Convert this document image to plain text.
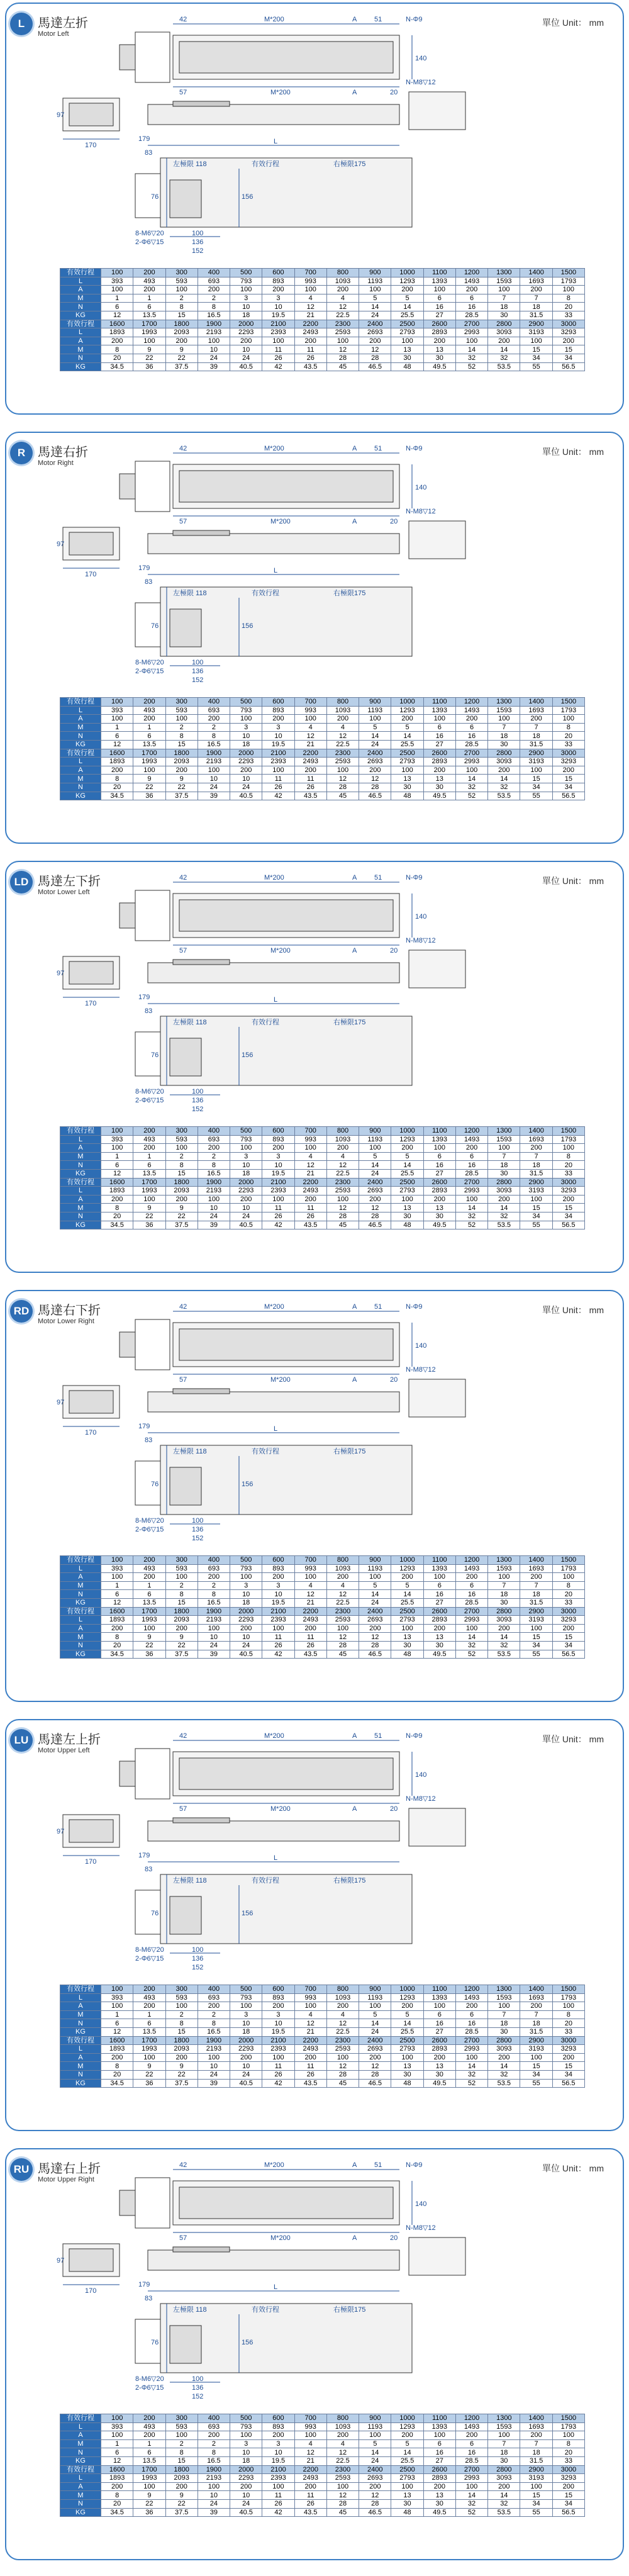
L	馬達左折
Motor Left
單位 Unit： mm
42	M*200	A	51	N-Φ9
140
N-M8▽12
57	M*200	A	20
97
170
179
83
L
左極限 118	有效行程	右極限175
76	156
8-M6▽20
2-Φ6▽15
100
136
152
有效行程	100	200	300	400	500	600	700	800	900	1000	1100	1200	1300	1400	1500
L	393	493	593	693	793	893	993	1093	1193	1293	1393	1493	1593	1693	1793
A	100	200	100	200	100	200	100	200	100	200	100	200	100	200	100
M	1	1	2	2	3	3	4	4	5	5	6	6	7	7	8
N	6	6	8	8	10	10	12	12	14	14	16	16	18	18	20
KG	12	13.5	15	16.5	18	19.5	21	22.5	24	25.5	27	28.5	30	31.5	33
有效行程	1600	1700	1800	1900	2000	2100	2200	2300	2400	2500	2600	2700	2800	2900	3000
L	1893	1993	2093	2193	2293	2393	2493	2593	2693	2793	2893	2993	3093	3193	3293
A	200	100	200	100	200	100	200	100	200	100	200	100	200	100	200
M	8	9	9	10	10	11	11	12	12	13	13	14	14	15	15
N	20	22	22	24	24	26	26	28	28	30	30	32	32	34	34
KG	34.5	36	37.5	39	40.5	42	43.5	45	46.5	48	49.5	52	53.5	55	56.5
R 馬達右折
Motor Right
單位 Unit： mm
42	M*200	A	51	N-Φ9
140
N-M8▽12
57	M*200	A	20
97
170
179
83
L
左極限 118	有效行程	右極限175
76	156
8-M6▽20
2-Φ6▽15
100
136
152
有效行程	100	200	300	400	500	600	700	800	900	1000	1100	1200	1300	1400	1500
L	393	493	593	693	793	893	993	1093	1193	1293	1393	1493	1593	1693	1793
A	100	200	100	200	100	200	100	200	100	200	100	200	100	200	100
M	1	1	2	2	3	3	4	4	5	5	6	6	7	7	8
N	6	6	8	8	10	10	12	12	14	14	16	16	18	18	20
KG	12	13.5	15	16.5	18	19.5	21	22.5	24	25.5	27	28.5	30	31.5	33
有效行程	1600	1700	1800	1900	2000	2100	2200	2300	2400	2500	2600	2700	2800	2900	3000
L	1893	1993	2093	2193	2293	2393	2493	2593	2693	2793	2893	2993	3093	3193	3293
A	200	100	200	100	200	100	200	100	200	100	200	100	200	100	200
M	8	9	9	10	10	11	11	12	12	13	13	14	14	15	15
N	20	22	22	24	24	26	26	28	28	30	30	32	32	34	34
KG	34.5	36	37.5	39	40.5	42	43.5	45	46.5	48	49.5	52	53.5	55	56.5
LD 馬達左下折
Motor Lower Left
單位 Unit： mm
42	M*200	A	51	N-Φ9
140
N-M8▽12
57	M*200	A	20
97
170
179
83
L
左極限 118	有效行程	右極限175
76	156
8-M6▽20
2-Φ6▽15
100
136
152
有效行程	100	200	300	400	500	600	700	800	900	1000	1100	1200	1300	1400	1500
L	393	493	593	693	793	893	993	1093	1193	1293	1393	1493	1593	1693	1793
A	100	200	100	200	100	200	100	200	100	200	100	200	100	200	100
M	1	1	2	2	3	3	4	4	5	5	6	6	7	7	8
N	6	6	8	8	10	10	12	12	14	14	16	16	18	18	20
KG	12	13.5	15	16.5	18	19.5	21	22.5	24	25.5	27	28.5	30	31.5	33
有效行程	1600	1700	1800	1900	2000	2100	2200	2300	2400	2500	2600	2700	2800	2900	3000
L	1893	1993	2093	2193	2293	2393	2493	2593	2693	2793	2893	2993	3093	3193	3293
A	200	100	200	100	200	100	200	100	200	100	200	100	200	100	200
M	8	9	9	10	10	11	11	12	12	13	13	14	14	15	15
N	20	22	22	24	24	26	26	28	28	30	30	32	32	34	34
KG	34.5	36	37.5	39	40.5	42	43.5	45	46.5	48	49.5	52	53.5	55	56.5
RD 馬達右下折
Motor Lower Right
單位 Unit： mm
42	M*200	A	51	N-Φ9
140
N-M8▽12
57	M*200	A	20
97
170
179
83
L
左極限 118	有效行程	右極限175
76	156
8-M6▽20
2-Φ6▽15
100
136
152
有效行程	100	200	300	400	500	600	700	800	900	1000	1100	1200	1300	1400	1500
L	393	493	593	693	793	893	993	1093	1193	1293	1393	1493	1593	1693	1793
A	100	200	100	200	100	200	100	200	100	200	100	200	100	200	100
M	1	1	2	2	3	3	4	4	5	5	6	6	7	7	8
N	6	6	8	8	10	10	12	12	14	14	16	16	18	18	20
KG	12	13.5	15	16.5	18	19.5	21	22.5	24	25.5	27	28.5	30	31.5	33
有效行程	1600	1700	1800	1900	2000	2100	2200	2300	2400	2500	2600	2700	2800	2900	3000
L	1893	1993	2093	2193	2293	2393	2493	2593	2693	2793	2893	2993	3093	3193	3293
A	200	100	200	100	200	100	200	100	200	100	200	100	200	100	200
M	8	9	9	10	10	11	11	12	12	13	13	14	14	15	15
N	20	22	22	24	24	26	26	28	28	30	30	32	32	34	34
KG	34.5	36	37.5	39	40.5	42	43.5	45	46.5	48	49.5	52	53.5	55	56.5
LU 馬達左上折
Motor Upper Left
單位 Unit： mm
42	M*200	A	51	N-Φ9
140
N-M8▽12
57	M*200	A	20
97
170
179
83
L
左極限 118	有效行程	右極限175
76	156
8-M6▽20
2-Φ6▽15
100
136
152
有效行程	100	200	300	400	500	600	700	800	900	1000	1100	1200	1300	1400	1500
L	393	493	593	693	793	893	993	1093	1193	1293	1393	1493	1593	1693	1793
A	100	200	100	200	100	200	100	200	100	200	100	200	100	200	100
M	1	1	2	2	3	3	4	4	5	5	6	6	7	7	8
N	6	6	8	8	10	10	12	12	14	14	16	16	18	18	20
KG	12	13.5	15	16.5	18	19.5	21	22.5	24	25.5	27	28.5	30	31.5	33
有效行程	1600	1700	1800	1900	2000	2100	2200	2300	2400	2500	2600	2700	2800	2900	3000
L	1893	1993	2093	2193	2293	2393	2493	2593	2693	2793	2893	2993	3093	3193	3293
A	200	100	200	100	200	100	200	100	200	100	200	100	200	100	200
M	8	9	9	10	10	11	11	12	12	13	13	14	14	15	15
N	20	22	22	24	24	26	26	28	28	30	30	32	32	34	34
KG	34.5	36	37.5	39	40.5	42	43.5	45	46.5	48	49.5	52	53.5	55	56.5
RU 馬達右上折
Motor Upper Right
單位 Unit： mm
42	M*200	A	51	N-Φ9
140
N-M8▽12
57	M*200	A	20
97
170
179
83
L
左極限 118	有效行程	右極限175
76	156
8-M6▽20
2-Φ6▽15
100
136
152
有效行程	100	200	300	400	500	600	700	800	900	1000	1100	1200	1300	1400	1500
L	393	493	593	693	793	893	993	1093	1193	1293	1393	1493	1593	1693	1793
A	100	200	100	200	100	200	100	200	100	200	100	200	100	200	100
M	1	1	2	2	3	3	4	4	5	5	6	6	7	7	8
N	6	6	8	8	10	10	12	12	14	14	16	16	18	18	20
KG	12	13.5	15	16.5	18	19.5	21	22.5	24	25.5	27	28.5	30	31.5	33
有效行程	1600	1700	1800	1900	2000	2100	2200	2300	2400	2500	2600	2700	2800	2900	3000
L	1893	1993	2093	2193	2293	2393	2493	2593	2693	2793	2893	2993	3093	3193	3293
A	200	100	200	100	200	100	200	100	200	100	200	100	200	100	200
M	8	9	9	10	10	11	11	12	12	13	13	14	14	15	15
N	20	22	22	24	24	26	26	28	28	30	30	32	32	34	34
KG	34.5	36	37.5	39	40.5	42	43.5	45	46.5	48	49.5	52	53.5	55	56.5
